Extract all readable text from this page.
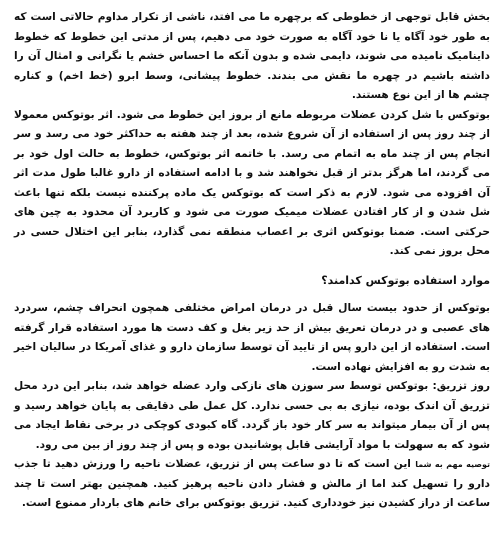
بخش قابل توجهی از خطوطی که برچهره ما می افتد، ناشی از تکرار مداوم حالاتی است که به طور خود آگاه یا نا خود آگاه به صورت خود می دهیم، پس از مدتی این خطوط که خطوط داینامیک نامیده می شوند، دایمی شده و بدون آنکه ما احساس خشم یا نگرانی و امثال آن را داشته باشیم در چهره ما نقش می بندند. خطوط پیشانی، وسط ابرو (خط اخم) و کناره چشم ها از این نوع هستند.

بوتوکس با شل کردن عضلات مربوطه مانع از بروز این خطوط می شود. اثر بوتوکس معمولا از چند روز پس از استفاده از آن شروع شده، بعد از چند هفته به حداکثر خود می رسد و سر انجام پس از چند ماه به اتمام می رسد. با خاتمه اثر بوتوکس، خطوط به حالت اول خود بر می گردند، اما هرگز بدتر از قبل نخواهند شد و با ادامه استفاده از دارو غالبا طول مدت اثر آن افزوده می شود. لازم به ذکر است که بوتوکس یک ماده پرکننده نیست بلکه تنها باعث شل شدن و از کار افتادن عضلات میمیک صورت می شود و کاربرد آن محدود به چین های حرکتی است. ضمنا بوتوکس اثری بر اعصاب منطقه نمی گذارد، بنابر این اختلال حسی در محل بروز نمی کند.

موارد استفاده بوتوکس کدامند؟

بوتوکس از حدود بیست سال قبل در درمان امراض مختلفی همچون انحراف چشم، سردرد های عصبی و در درمان تعریق بیش از حد زیر بغل و کف دست ها مورد استفاده قرار گرفته است. استفاده از این دارو پس از تایید آن توسط سازمان دارو و غذای آمریکا در سالیان اخیر به شدت رو به افزایش نهاده است.

روز تزریق: بوتوکس توسط سر سوزن های نازکی وارد عضله خواهد شد، بنابر این درد محل تزریق آن اندک بوده، نیازی به بی حسی ندارد. کل عمل طی دقایقی به پایان خواهد رسید و پس از آن بیمار میتواند به سر کار خود باز گردد. گاه کبودی کوچکی در برخی نقاط ایجاد می شود که به سهولت با مواد آرایشی قابل پوشانیدن بوده و پس از چند روز از بین می رود.

توصیه مهم به شما این است که تا دو ساعت پس از تزریق، عضلات ناحیه را ورزش دهید تا جذب دارو را تسهیل کند اما از مالش و فشار دادن ناحیه پرهیز کنید. همچنین بهتر است تا چند ساعت از دراز کشیدن نیز خودداری کنید. تزریق بوتوکس برای خانم های باردار ممنوع است.
